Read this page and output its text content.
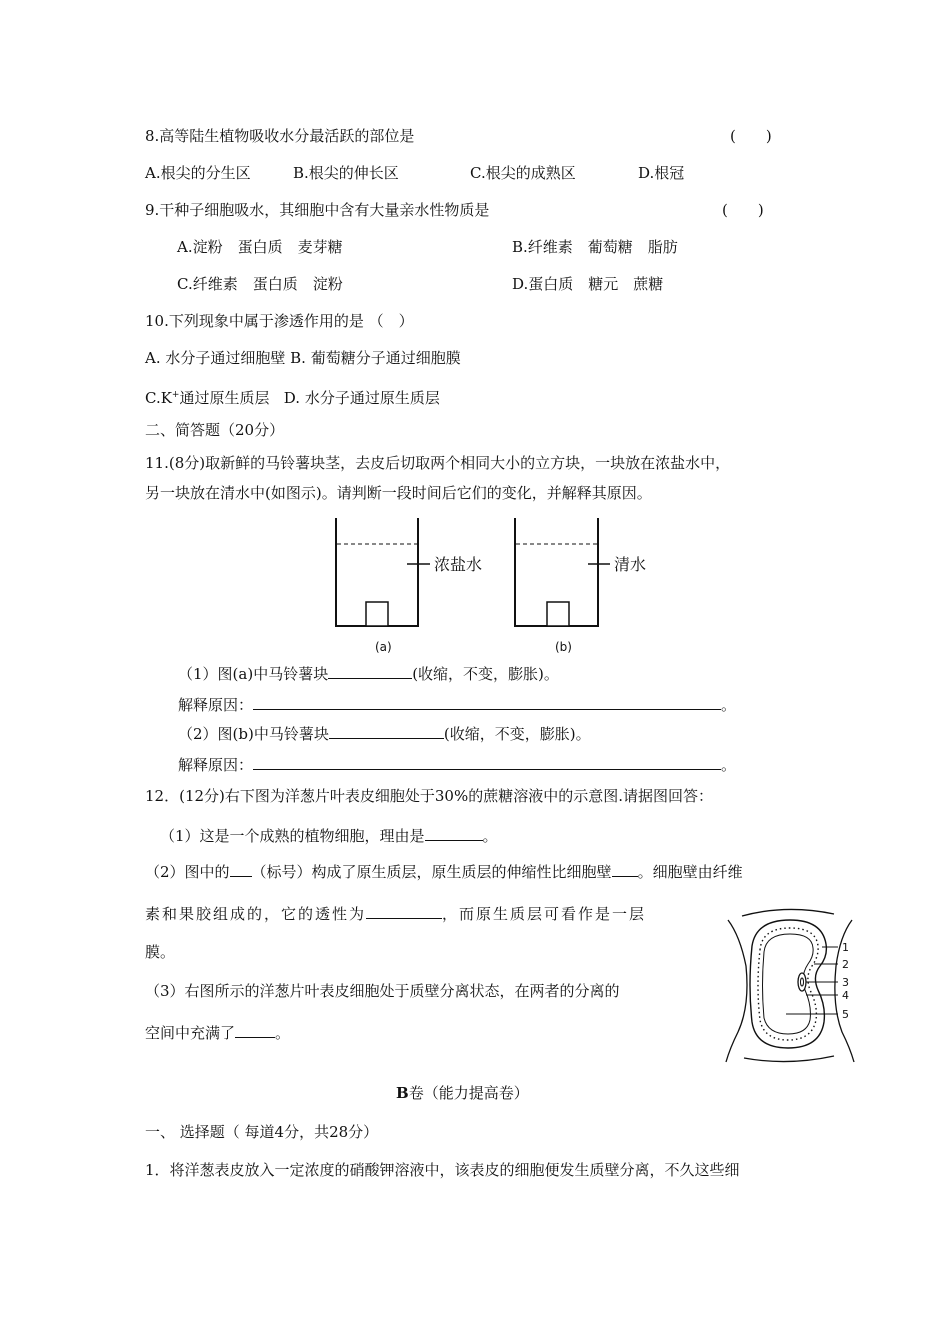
8.高等陆生植物吸收水分最活跃的部位是	(　　)
A.根尖的分生区	B.根尖的伸长区	C.根尖的成熟区	D.根冠
9.干种子细胞吸水，其细胞中含有大量亲水性物质是	(　　)
A.淀粉　蛋白质　麦芽糖	B.纤维素　葡萄糖　脂肪
C.纤维素　蛋白质　淀粉	D.蛋白质　糖元　蔗糖
10.下列现象中属于渗透作用的是 （　）
A. 水分子通过细胞壁 B. 葡萄糖分子通过细胞膜
C.K+通过原生质层 D. 水分子通过原生质层
二、简答题（20分）
11.(8分)取新鲜的马铃薯块茎，去皮后切取两个相同大小的立方块，一块放在浓盐水中，
另一块放在清水中(如图示)。请判断一段时间后它们的变化，并解释其原因。
浓盐水
(a)
清水
(b)
（1）图(a)中马铃薯块	(收缩，不变，膨胀)。
解释原因：	。
（2）图(b)中马铃薯块	(收缩，不变，膨胀)。
解释原因：	。
12．(12分)右下图为洋葱片叶表皮细胞处于30%的蔗糖溶液中的示意图.请据图回答：
（1）这是一个成熟的植物细胞，理由是	。
（2）图中的 （标号）构成了原生质层，原生质层的伸缩性比细胞壁 。细胞壁由纤维
素和果胶组成的，它的透性为	，而原生质层可看作是一层
膜。
（3）右图所示的洋葱片叶表皮细胞处于质壁分离状态，在两者的分离的
空间中充满了	。
1
2
3
4
5
B卷（能力提高卷）
一、 选择题（ 每道4分，共28分）
1．将洋葱表皮放入一定浓度的硝酸钾溶液中，该表皮的细胞便发生质壁分离，不久这些细
